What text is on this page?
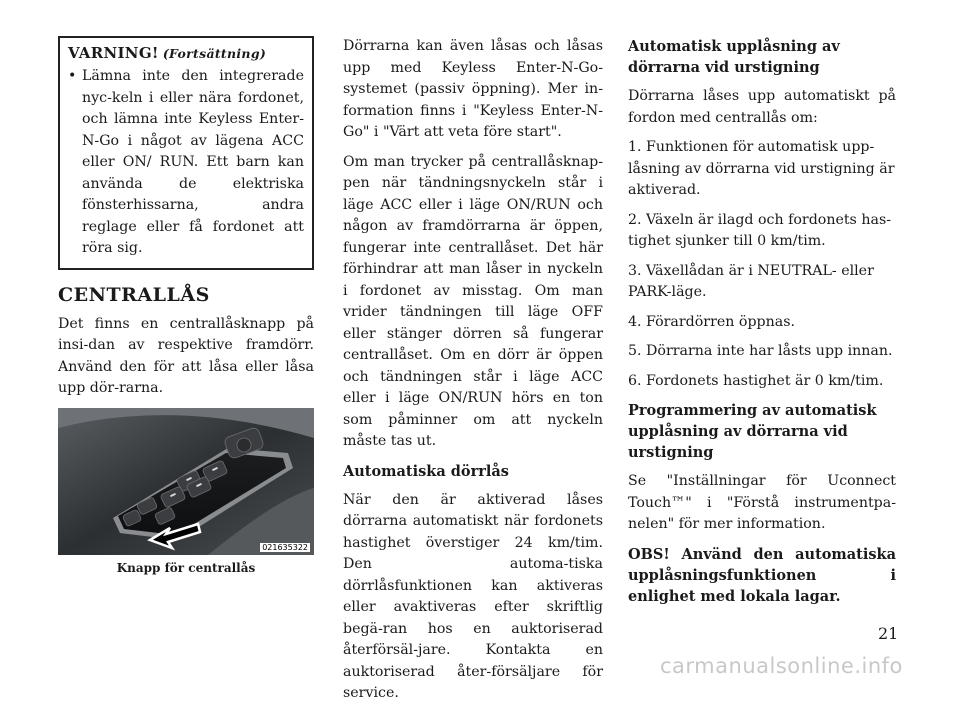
VARNING! (Fortsättning)
• Lämna inte den integrerade nyc-keln i eller nära fordonet, och lämna inte Keyless Enter-N-Go i något av lägena ACC eller ON/ RUN. Ett barn kan använda de elektriska fönsterhissarna, andra reglage eller få fordonet att röra sig.
CENTRALLÅS

Det finns en centrallåsknapp på insi-dan av respektive framdörr. Använd den för att låsa eller låsa upp dör-rarna.

021635322
Knapp för centrallås

Dörrarna kan även låsas och låsas upp med Keyless Enter-N-Go-systemet (passiv öppning). Mer in-formation finns i "Keyless Enter-N-Go" i "Värt att veta före start".

Om man trycker på centrallåsknap-pen när tändningsnyckeln står i läge ACC eller i läge ON/RUN och någon av framdörrarna är öppen, fungerar inte centrallåset. Det här förhindrar att man låser in nyckeln i fordonet av misstag. Om man vrider tändningen till läge OFF eller stänger dörren så fungerar centrallåset. Om en dörr är öppen och tändningen står i läge ACC eller i läge ON/RUN hörs en ton som påminner om att nyckeln måste tas ut.

Automatiska dörrlås

När den är aktiverad låses dörrarna automatiskt när fordonets hastighet överstiger 24 km/tim. Den automa-tiska dörrlåsfunktionen kan aktiveras eller avaktiveras efter skriftlig begä-ran hos en auktoriserad återförsäl-jare. Kontakta en auktoriserad åter-försäljare för service.

Automatisk upplåsning av dörrarna vid urstigning

Dörrarna låses upp automatiskt på fordon med centrallås om:

1. Funktionen för automatisk upp-låsning av dörrarna vid urstigning är aktiverad.

2. Växeln är ilagd och fordonets has-tighet sjunker till 0 km/tim.

3. Växellådan är i NEUTRAL- eller PARK-läge.

4. Förardörren öppnas.

5. Dörrarna inte har låsts upp innan.

6. Fordonets hastighet är 0 km/tim.

Programmering av automatisk upplåsning av dörrarna vid urstigning

Se "Inställningar för Uconnect Touch™" i "Förstå instrumentpa-nelen" för mer information.

OBS! Använd den automatiska upplåsningsfunktionen i enlighet med lokala lagar.
21
carmanualsonline.info
